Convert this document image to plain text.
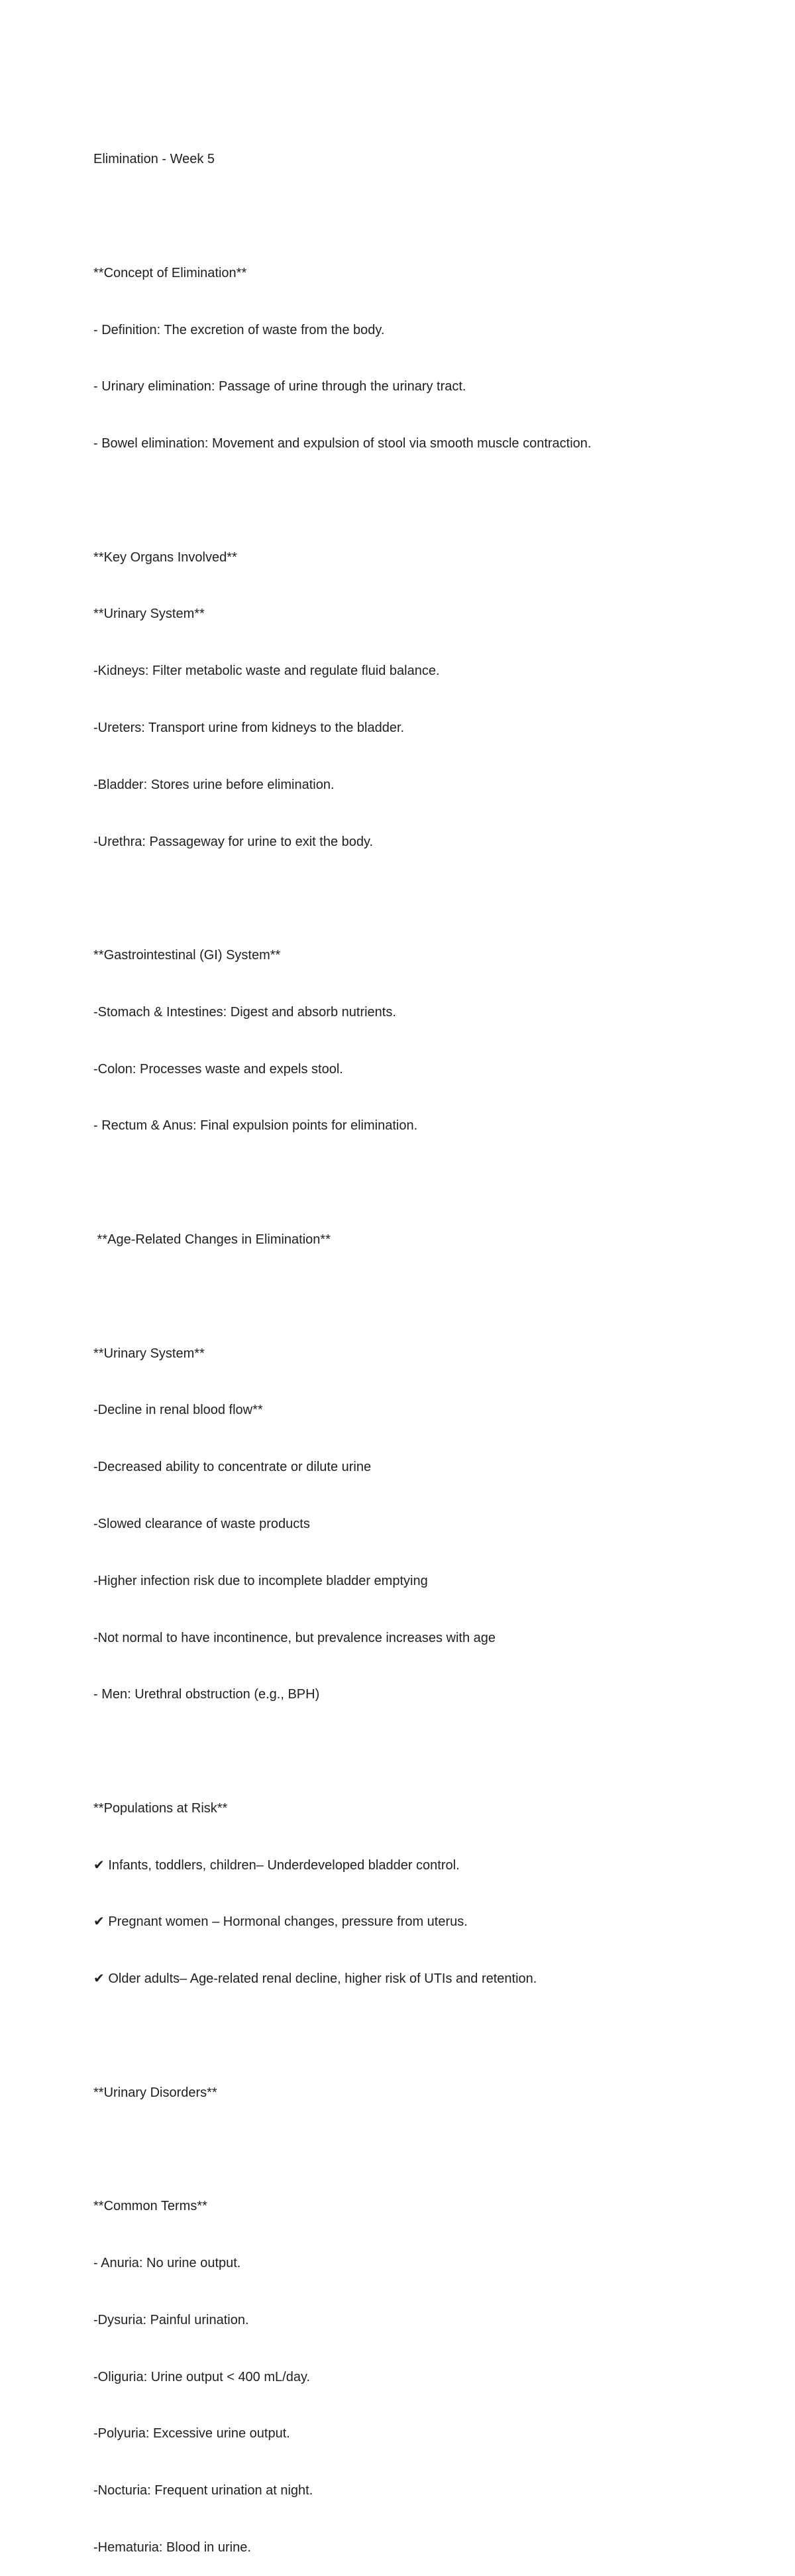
Elimination - Week 5

**Concept of Elimination**

- Definition: The excretion of waste from the body.

- Urinary elimination: Passage of urine through the urinary tract.

- Bowel elimination: Movement and expulsion of stool via smooth muscle contraction.

**Key Organs Involved**

**Urinary System**

-Kidneys: Filter metabolic waste and regulate fluid balance.

-Ureters: Transport urine from kidneys to the bladder.

-Bladder: Stores urine before elimination.

-Urethra: Passageway for urine to exit the body.

**Gastrointestinal (GI) System**

-Stomach & Intestines: Digest and absorb nutrients.

-Colon: Processes waste and expels stool.

- Rectum & Anus: Final expulsion points for elimination.

**Age-Related Changes in Elimination**

**Urinary System**

-Decline in renal blood flow**

-Decreased ability to concentrate or dilute urine

-Slowed clearance of waste products

-Higher infection risk due to incomplete bladder emptying

-Not normal to have incontinence, but prevalence increases with age

- Men: Urethral obstruction (e.g., BPH)

**Populations at Risk**

✔ Infants, toddlers, children– Underdeveloped bladder control.

✔ Pregnant women – Hormonal changes, pressure from uterus.

✔ Older adults– Age-related renal decline, higher risk of UTIs and retention.

**Urinary Disorders**

**Common Terms**

- Anuria: No urine output.

-Dysuria: Painful urination.

-Oliguria: Urine output < 400 mL/day.

-Polyuria: Excessive urine output.

-Nocturia: Frequent urination at night.

-Hematuria: Blood in urine.
